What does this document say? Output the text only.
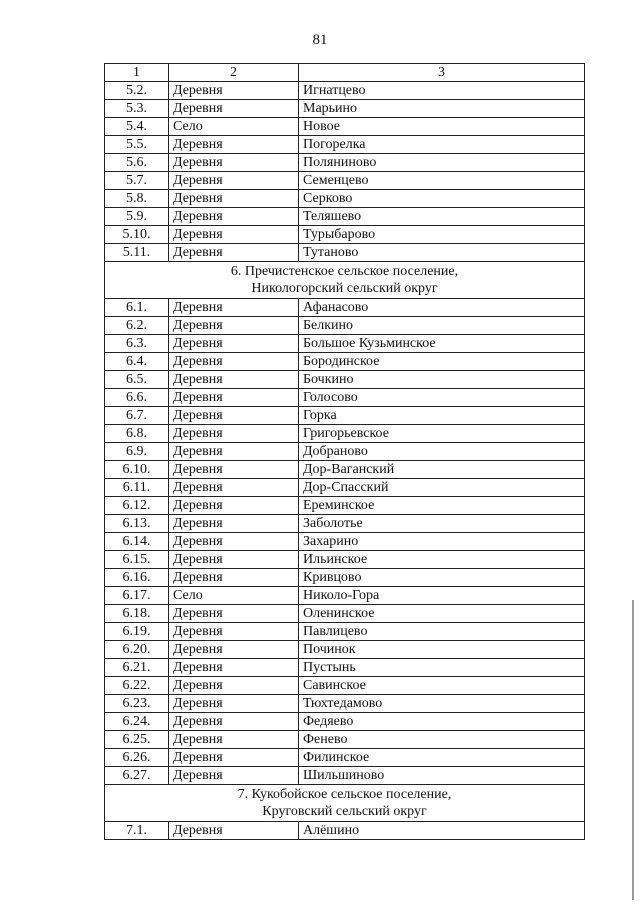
81
1	2	3
5.2.	Деревня	Игнатцево
5.3.	Деревня	Марьино
5.4.	Село	Новое
5.5.	Деревня	Погорелка
5.6.	Деревня	Полянинoво
5.7.	Деревня	Семенцево
5.8.	Деревня	Серково
5.9.	Деревня	Теляшево
5.10.	Деревня	Турыбарово
5.11.	Деревня	Тутаново

6. Пречистенское сельское поселение,
Никологорский сельский округ		

6.1.	Деревня	Афанасово
6.2.	Деревня	Белкино
6.3.	Деревня	Большое Кузьминское
6.4.	Деревня	Бородинское
6.5.	Деревня	Бочкино
6.6.	Деревня	Голосово
6.7.	Деревня	Горка
6.8.	Деревня	Григорьевское
6.9.	Деревня	Добраново
6.10.	Деревня	Дор-Ваганский
6.11.	Деревня	Дор-Спасский
6.12.	Деревня	Ереминское
6.13.	Деревня	Заболотье
6.14.	Деревня	Захарино
6.15.	Деревня	Ильинское
6.16.	Деревня	Кривцово
6.17.	Село	Николо-Гора
6.18.	Деревня	Оленинское
6.19.	Деревня	Павлицево
6.20.	Деревня	Починок
6.21.	Деревня	Пустынь
6.22.	Деревня	Савинское
6.23.	Деревня	Тюхтедамово
6.24.	Деревня	Федяево
6.25.	Деревня	Фенево
6.26.	Деревня	Филинское
6.27.	Деревня	Шильшиново

7. Кукобойское сельское поселение,
Круговский сельский округ		

7.1.	Деревня	Алёшино
